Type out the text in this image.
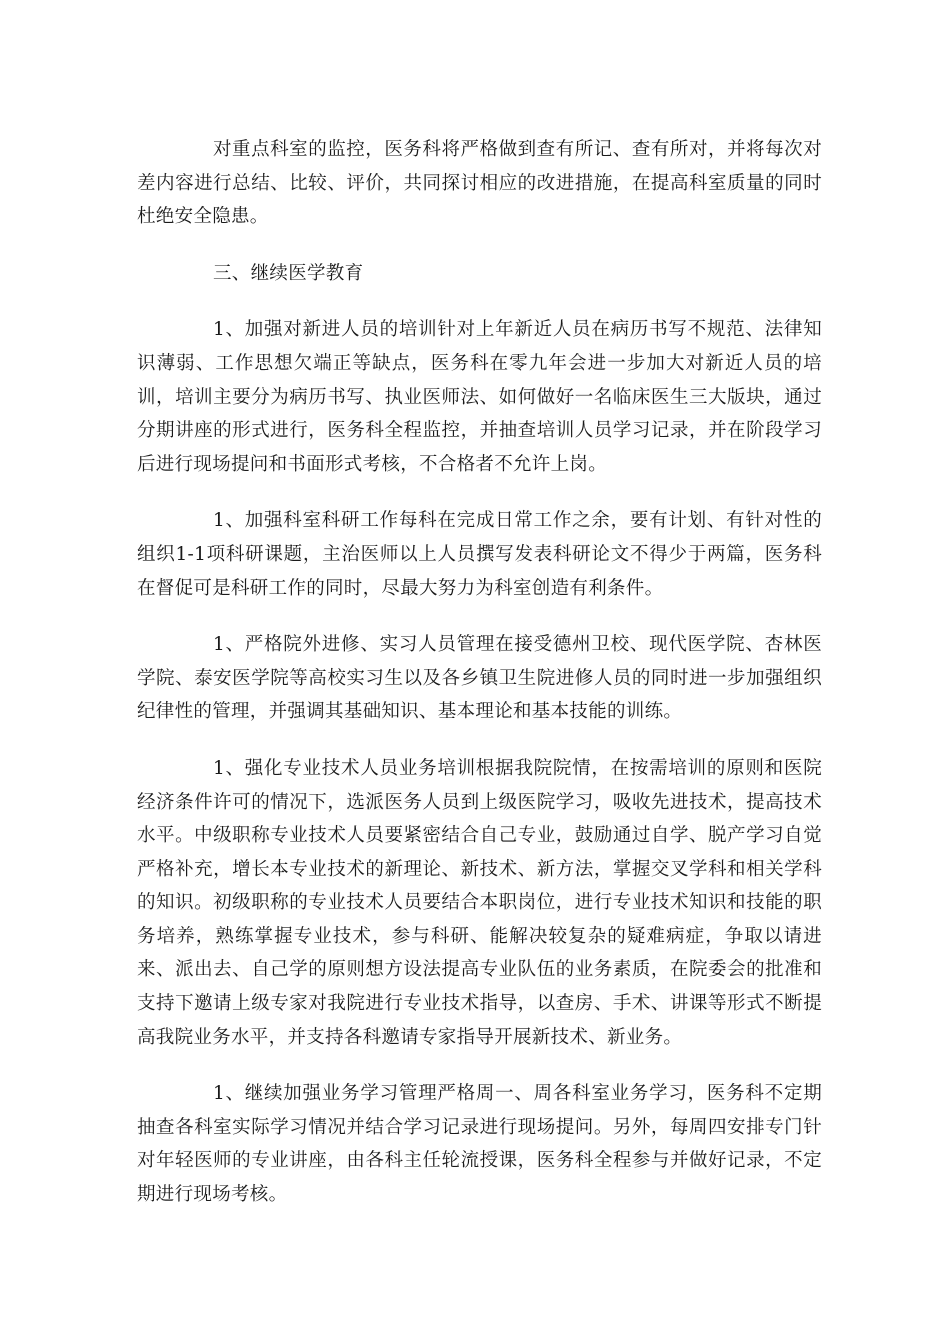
对重点科室的监控，医务科将严格做到查有所记、查有所对，并将每次对差内容进行总结、比较、评价，共同探讨相应的改进措施，在提高科室质量的同时杜绝安全隐患。

三、继续医学教育

1、加强对新进人员的培训针对上年新近人员在病历书写不规范、法律知识薄弱、工作思想欠端正等缺点，医务科在零九年会进一步加大对新近人员的培训，培训主要分为病历书写、执业医师法、如何做好一名临床医生三大版块，通过分期讲座的形式进行，医务科全程监控，并抽查培训人员学习记录，并在阶段学习后进行现场提问和书面形式考核，不合格者不允许上岗。

1、加强科室科研工作每科在完成日常工作之余，要有计划、有针对性的组织1-1项科研课题，主治医师以上人员撰写发表科研论文不得少于两篇，医务科在督促可是科研工作的同时，尽最大努力为科室创造有利条件。

1、严格院外进修、实习人员管理在接受德州卫校、现代医学院、杏林医学院、泰安医学院等高校实习生以及各乡镇卫生院进修人员的同时进一步加强组织纪律性的管理，并强调其基础知识、基本理论和基本技能的训练。

1、强化专业技术人员业务培训根据我院院情，在按需培训的原则和医院经济条件许可的情况下，选派医务人员到上级医院学习，吸收先进技术，提高技术水平。中级职称专业技术人员要紧密结合自己专业，鼓励通过自学、脱产学习自觉严格补充，增长本专业技术的新理论、新技术、新方法，掌握交叉学科和相关学科的知识。初级职称的专业技术人员要结合本职岗位，进行专业技术知识和技能的职务培养，熟练掌握专业技术，参与科研、能解决较复杂的疑难病症，争取以请进来、派出去、自己学的原则想方设法提高专业队伍的业务素质，在院委会的批准和支持下邀请上级专家对我院进行专业技术指导，以查房、手术、讲课等形式不断提高我院业务水平，并支持各科邀请专家指导开展新技术、新业务。

1、继续加强业务学习管理严格周一、周各科室业务学习，医务科不定期抽查各科室实际学习情况并结合学习记录进行现场提问。另外，每周四安排专门针对年轻医师的专业讲座，由各科主任轮流授课，医务科全程参与并做好记录，不定期进行现场考核。
